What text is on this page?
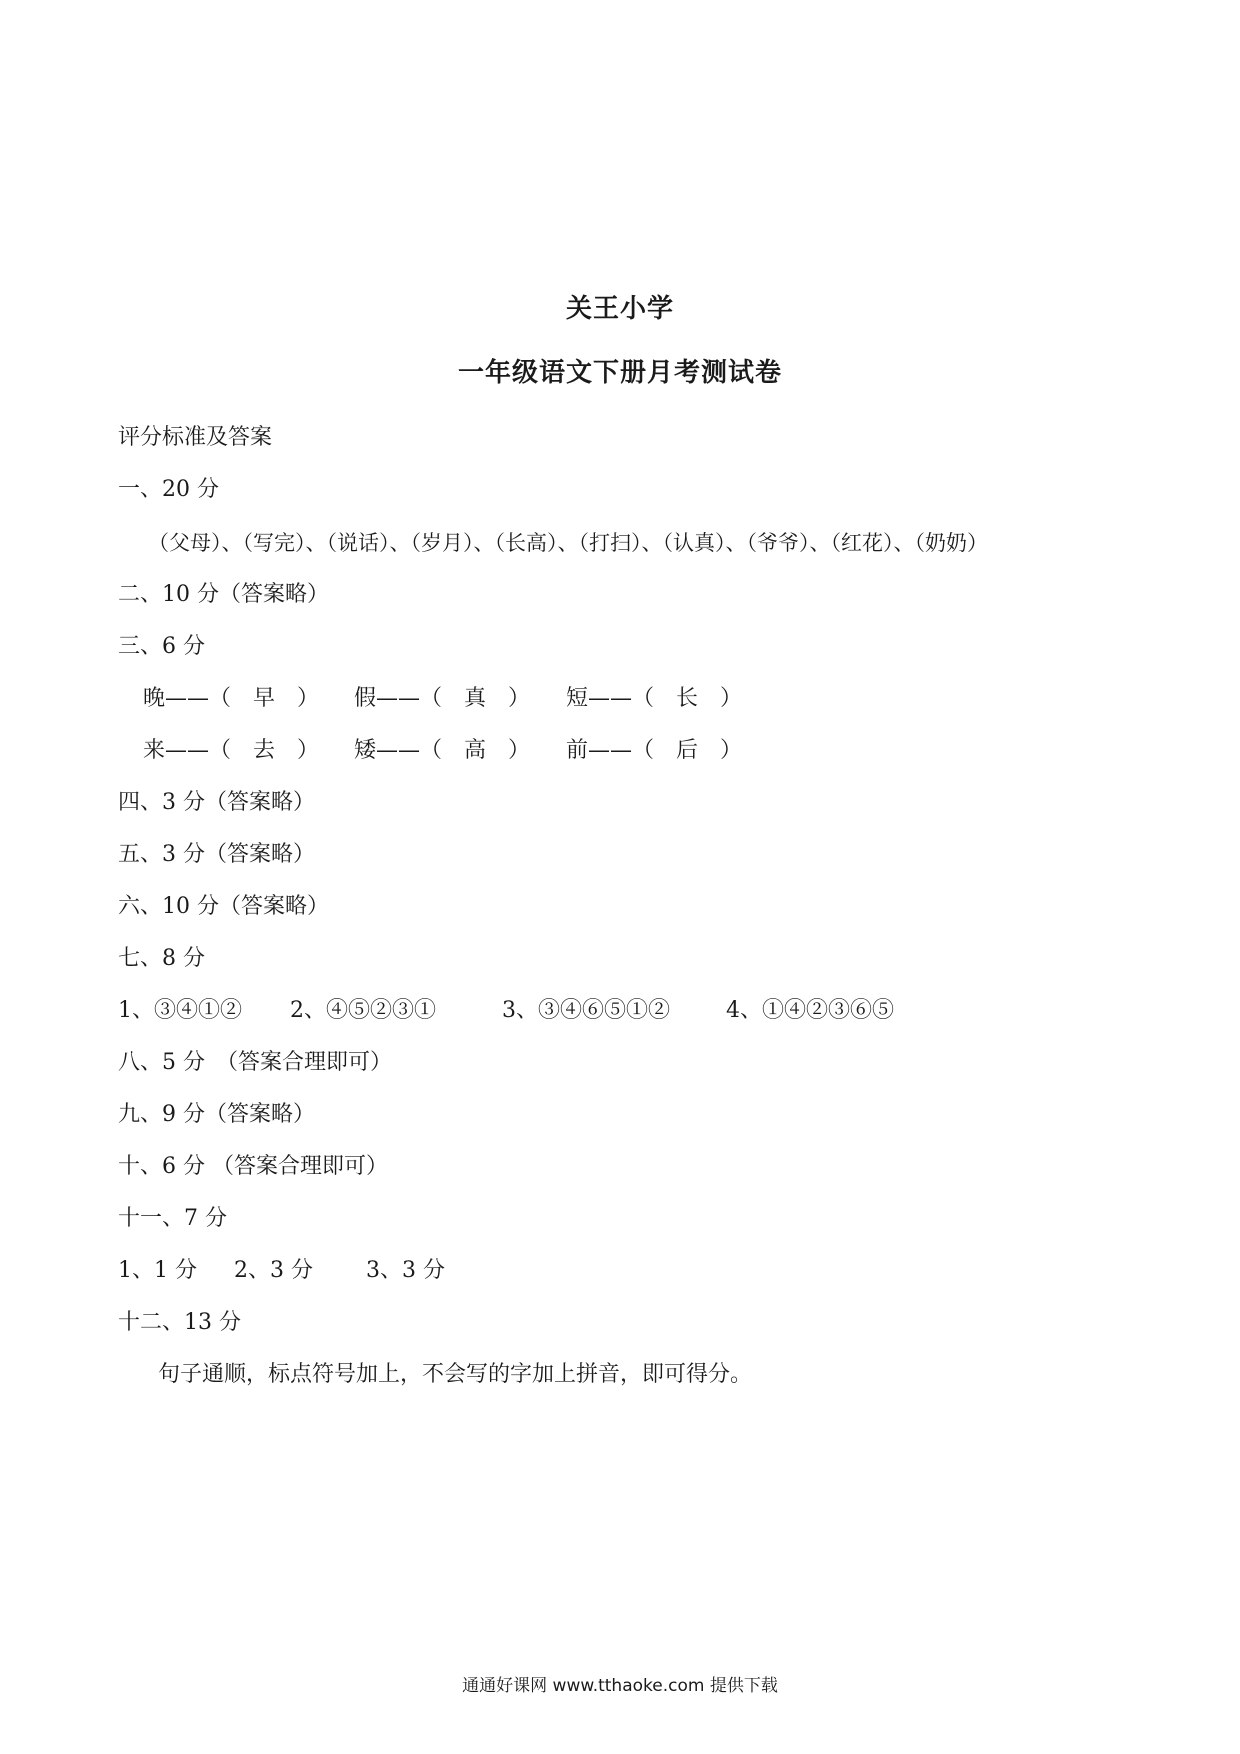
关王小学
一年级语文下册月考测试卷
评分标准及答案
一、20 分
（父母）、（写完）、（说话）、（岁月）、（长高）、（打扫）、（认真）、（爷爷）、（红花）、（奶奶）
二、10 分（答案略）
三、6 分
晚——（　早　） 假——（　真　） 短——（　长　）
来——（　去　） 矮——（　高　） 前——（　后　）
四、3 分（答案略）
五、3 分（答案略）
六、10 分（答案略）
七、8 分
1、③④①② 2、④⑤②③①	3、③④⑥⑤①②	4、①④②③⑥⑤
八、5 分　（答案合理即可）
九、9 分（答案略）
十、6 分 （答案合理即可）
十一、7 分
1、1 分 2、3 分 3、3 分
十二、13 分
句子通顺，标点符号加上，不会写的字加上拼音，即可得分。
通通好课网 www.tthaoke.com 提供下载
